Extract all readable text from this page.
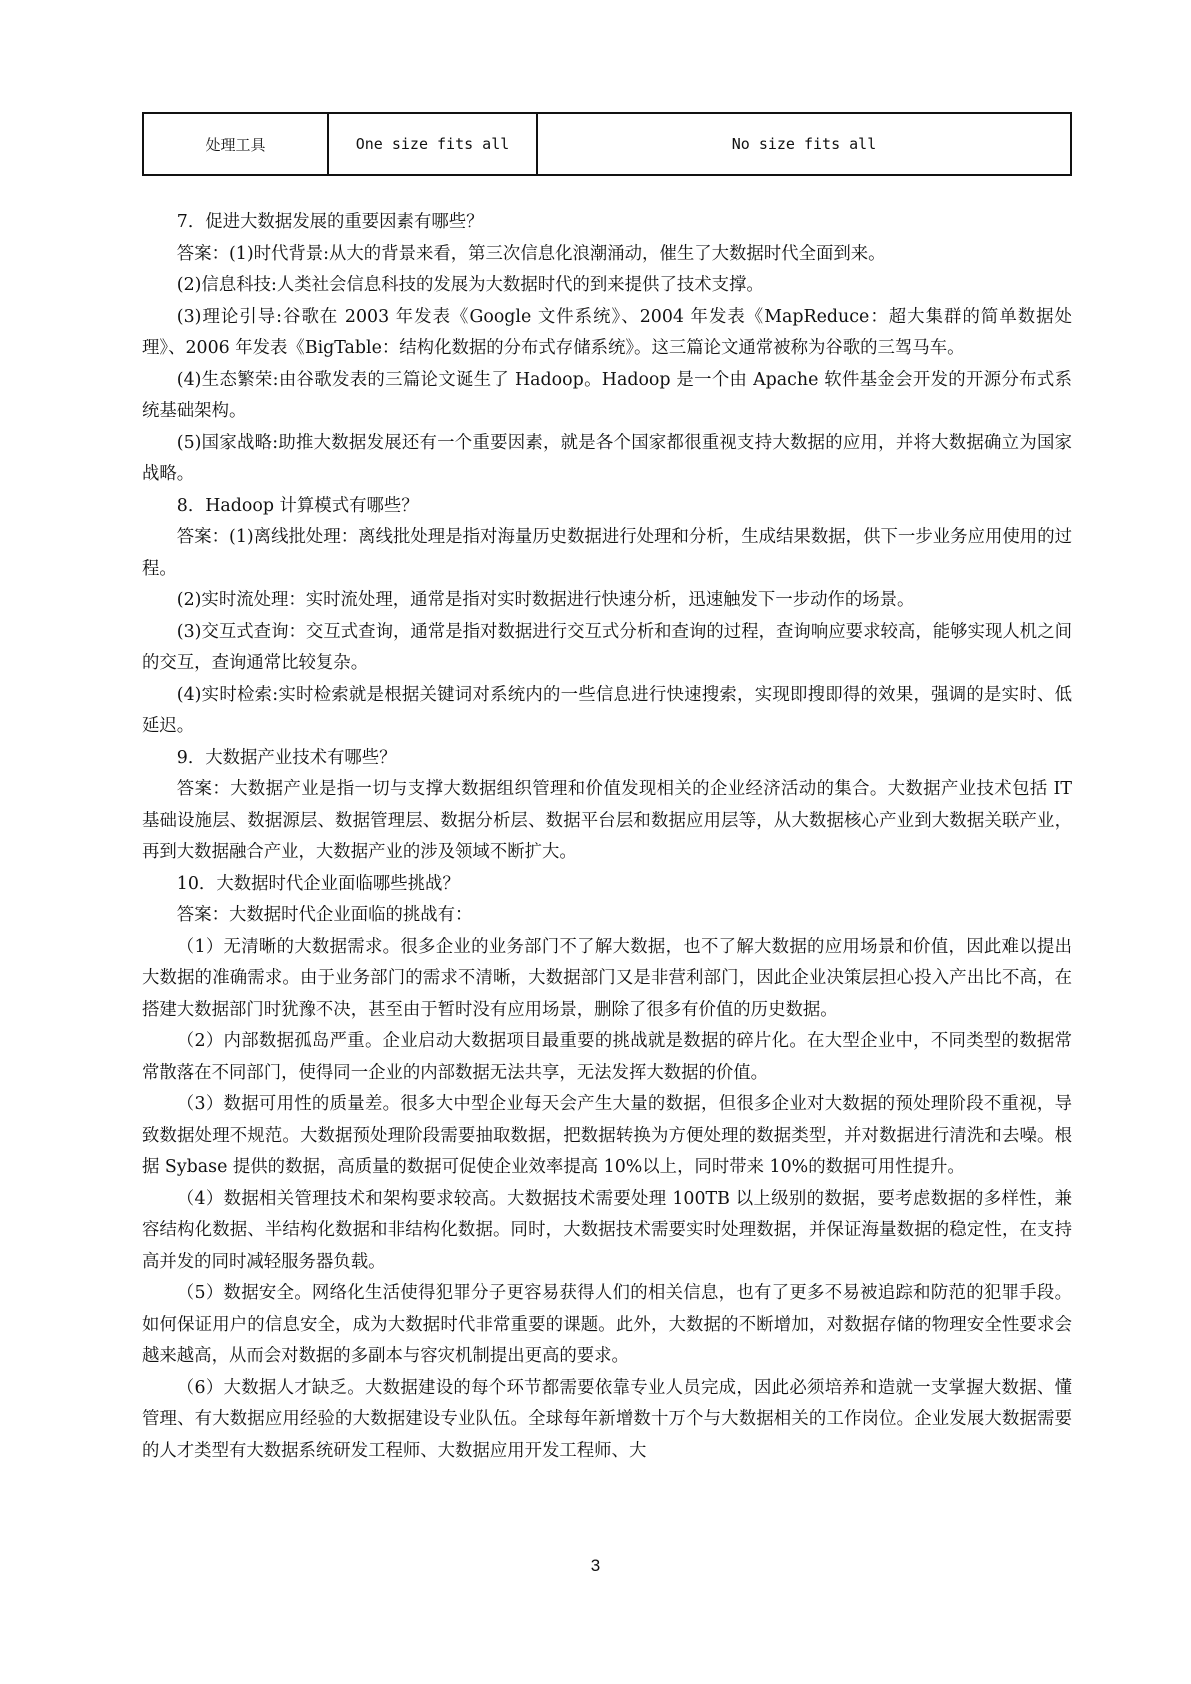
处理工具	One size fits all	No size fits all

7．促进大数据发展的重要因素有哪些？

答案：(1)时代背景:从大的背景来看，第三次信息化浪潮涌动，催生了大数据时代全面到来。

(2)信息科技:人类社会信息科技的发展为大数据时代的到来提供了技术支撑。

(3)理论引导:谷歌在 2003 年发表《Google 文件系统》、2004 年发表《MapReduce：超大集群的简单数据处理》、2006 年发表《BigTable：结构化数据的分布式存储系统》。这三篇论文通常被称为谷歌的三驾马车。

(4)生态繁荣:由谷歌发表的三篇论文诞生了 Hadoop。Hadoop 是一个由 Apache 软件基金会开发的开源分布式系统基础架构。

(5)国家战略:助推大数据发展还有一个重要因素，就是各个国家都很重视支持大数据的应用，并将大数据确立为国家战略。

8．Hadoop 计算模式有哪些？

答案：(1)离线批处理：离线批处理是指对海量历史数据进行处理和分析，生成结果数据，供下一步业务应用使用的过程。

(2)实时流处理：实时流处理，通常是指对实时数据进行快速分析，迅速触发下一步动作的场景。

(3)交互式查询：交互式查询，通常是指对数据进行交互式分析和查询的过程，查询响应要求较高，能够实现人机之间的交互，查询通常比较复杂。

(4)实时检索:实时检索就是根据关键词对系统内的一些信息进行快速搜索，实现即搜即得的效果，强调的是实时、低延迟。

9．大数据产业技术有哪些？

答案：大数据产业是指一切与支撑大数据组织管理和价值发现相关的企业经济活动的集合。大数据产业技术包括 IT 基础设施层、数据源层、数据管理层、数据分析层、数据平台层和数据应用层等，从大数据核心产业到大数据关联产业，再到大数据融合产业，大数据产业的涉及领域不断扩大。

10．大数据时代企业面临哪些挑战？

答案：大数据时代企业面临的挑战有：

（1）无清晰的大数据需求。很多企业的业务部门不了解大数据，也不了解大数据的应用场景和价值，因此难以提出大数据的准确需求。由于业务部门的需求不清晰，大数据部门又是非营利部门，因此企业决策层担心投入产出比不高，在搭建大数据部门时犹豫不决，甚至由于暂时没有应用场景，删除了很多有价值的历史数据。

（2）内部数据孤岛严重。企业启动大数据项目最重要的挑战就是数据的碎片化。在大型企业中，不同类型的数据常常散落在不同部门，使得同一企业的内部数据无法共享，无法发挥大数据的价值。

（3）数据可用性的质量差。很多大中型企业每天会产生大量的数据，但很多企业对大数据的预处理阶段不重视，导致数据处理不规范。大数据预处理阶段需要抽取数据，把数据转换为方便处理的数据类型，并对数据进行清洗和去噪。根据 Sybase 提供的数据，高质量的数据可促使企业效率提高 10%以上，同时带来 10%的数据可用性提升。

（4）数据相关管理技术和架构要求较高。大数据技术需要处理 100TB 以上级别的数据，要考虑数据的多样性，兼容结构化数据、半结构化数据和非结构化数据。同时，大数据技术需要实时处理数据，并保证海量数据的稳定性，在支持高并发的同时减轻服务器负载。

（5）数据安全。网络化生活使得犯罪分子更容易获得人们的相关信息，也有了更多不易被追踪和防范的犯罪手段。如何保证用户的信息安全，成为大数据时代非常重要的课题。此外，大数据的不断增加，对数据存储的物理安全性要求会越来越高，从而会对数据的多副本与容灾机制提出更高的要求。

（6）大数据人才缺乏。大数据建设的每个环节都需要依靠专业人员完成，因此必须培养和造就一支掌握大数据、懂管理、有大数据应用经验的大数据建设专业队伍。全球每年新增数十万个与大数据相关的工作岗位。企业发展大数据需要的人才类型有大数据系统研发工程师、大数据应用开发工程师、大

3
